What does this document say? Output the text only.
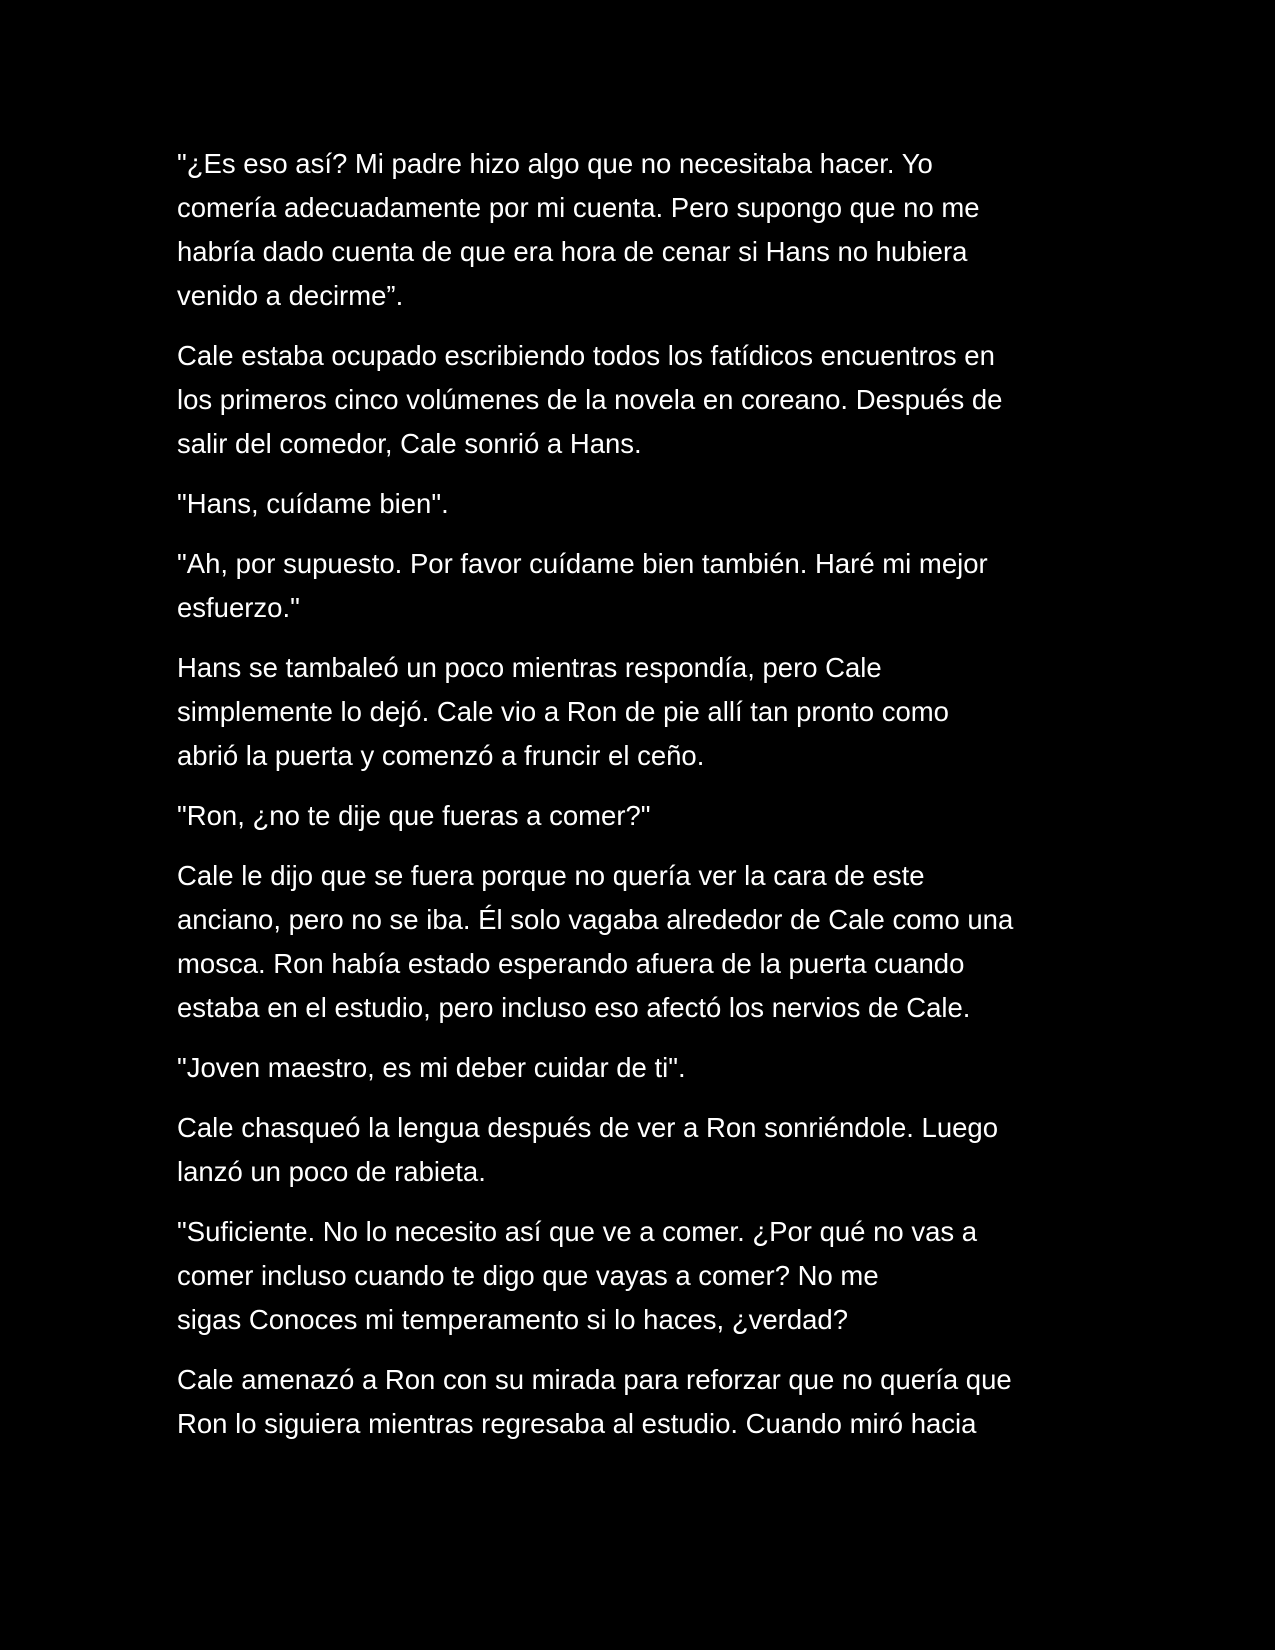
"¿Es eso así? Mi padre hizo algo que no necesitaba hacer. Yo
comería adecuadamente por mi cuenta. Pero supongo que no me
habría dado cuenta de que era hora de cenar si Hans no hubiera
venido a decirme”.
Cale estaba ocupado escribiendo todos los fatídicos encuentros en
los primeros cinco volúmenes de la novela en coreano. Después de
salir del comedor, Cale sonrió a Hans.
"Hans, cuídame bien".
"Ah, por supuesto. Por favor cuídame bien también. Haré mi mejor
esfuerzo."
Hans se tambaleó un poco mientras respondía, pero Cale
simplemente lo dejó. Cale vio a Ron de pie allí tan pronto como
abrió la puerta y comenzó a fruncir el ceño.
"Ron, ¿no te dije que fueras a comer?"
Cale le dijo que se fuera porque no quería ver la cara de este
anciano, pero no se iba. Él solo vagaba alrededor de Cale como una
mosca. Ron había estado esperando afuera de la puerta cuando
estaba en el estudio, pero incluso eso afectó los nervios de Cale.
"Joven maestro, es mi deber cuidar de ti".
Cale chasqueó la lengua después de ver a Ron sonriéndole. Luego
lanzó un poco de rabieta.
"Suficiente. No lo necesito así que ve a comer. ¿Por qué no vas a
comer incluso cuando te digo que vayas a comer? No me
sigas Conoces mi temperamento si lo haces, ¿verdad?
Cale amenazó a Ron con su mirada para reforzar que no quería que
Ron lo siguiera mientras regresaba al estudio. Cuando miró hacia
